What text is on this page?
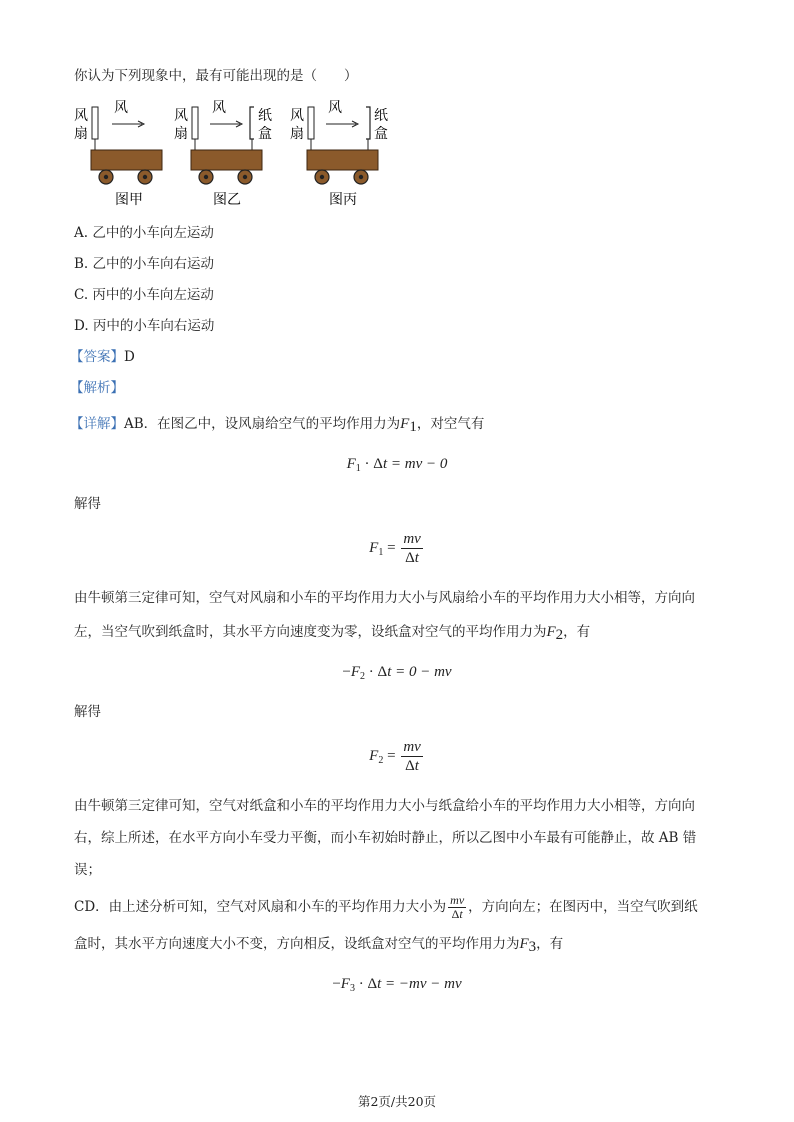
你认为下列现象中，最有可能出现的是（　　）
风
扇
风
图甲
风
扇
风 纸
盒
图乙
风
扇
风 纸
盒
图丙
A. 乙中的小车向左运动
B. 乙中的小车向右运动
C. 丙中的小车向左运动
D. 丙中的小车向右运动
【答案】D
【解析】
【详解】AB．在图乙中，设风扇给空气的平均作用力为$F_1$，对空气有
$F_1 \cdot \Delta t$ = mv − 0
解得
$F_1 = \frac{mv}{\Delta t}$
由牛顿第三定律可知，空气对风扇和小车的平均作用力大小与风扇给小车的平均作用力大小相等，方向向
左，当空气吹到纸盒时，其水平方向速度变为零，设纸盒对空气的平均作用力为$F_2$，有
$-F_2 \cdot \Delta t = 0$ − mv
解得
$F_2 = \frac{mv}{\Delta t}$
由牛顿第三定律可知，空气对纸盒和小车的平均作用力大小与纸盒给小车的平均作用力大小相等，方向向
右，综上所述，在水平方向小车受力平衡，而小车初始时静止，所以乙图中小车最有可能静止，故 AB 错
误；
CD．由上述分析可知，空气对风扇和小车的平均作用力大小为 $\frac{mv}{\Delta t}$ ，方向向左；在图丙中，当空气吹到纸
盒时，其水平方向速度大小不变，方向相反，设纸盒对空气的平均作用力为$F_3$，有
$-F_3 \cdot \Delta t = -mv$ − mv
第2页/共20页
